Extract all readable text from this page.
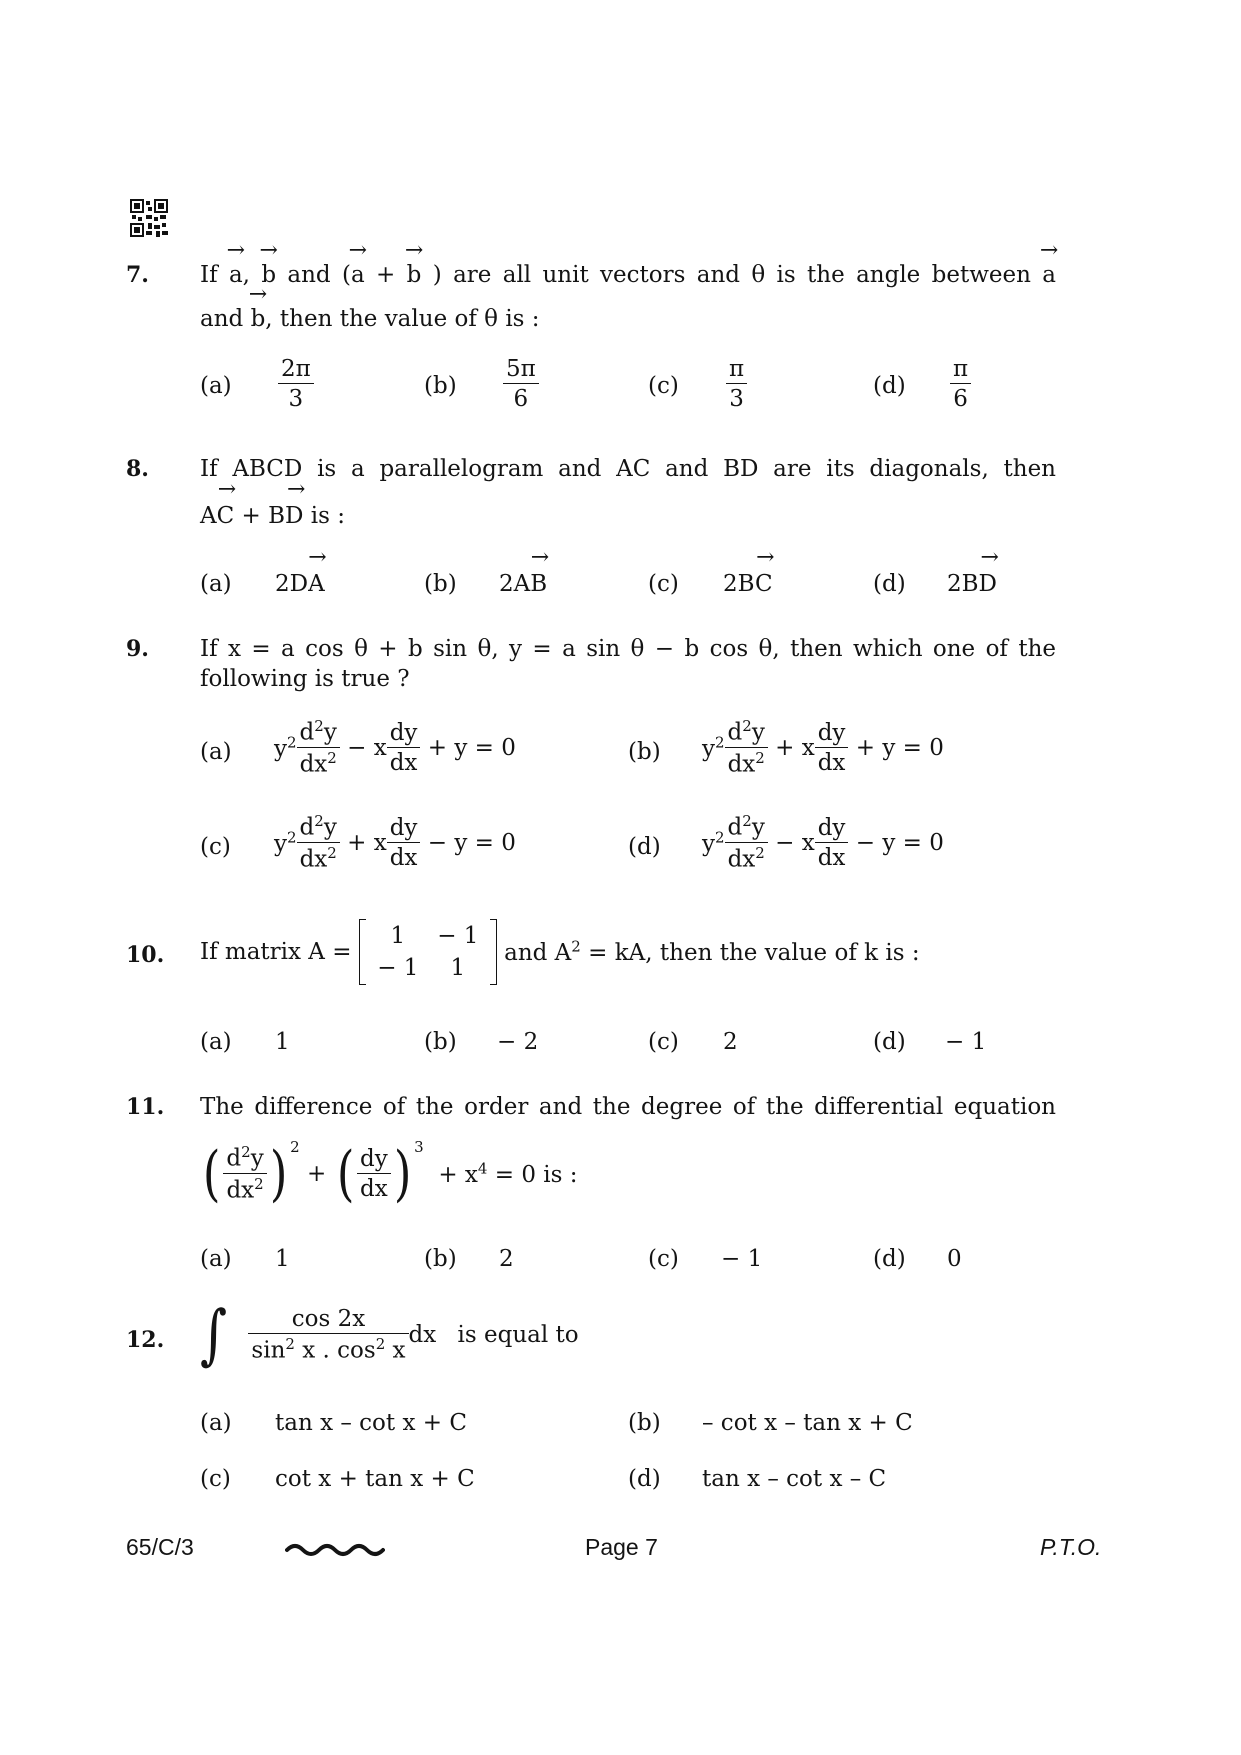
7. If → a, → b and (→ a + → b ) are all unit vectors and θ is the angle between → a
and → b, then the value of θ is :
$(a) \frac{2\pi}{3}$	$(b) \frac{5\pi}{6}$	$(c) \frac{\pi}{3}$	$(d) \frac{\pi}{6}$
8. If ABCD is a parallelogram and AC and BD are its diagonals, then
→ AC + → BD is :
(a) 2→ DA	(b) 2→ AB	(c) 2→ BC	(d) 2→ BD
9. If x = a cos θ + b sin θ, y = a sin θ − b cos θ, then which one of the
following is true ?
(a) $y^2 \frac{d^2y}{dx^2} - x \frac{dy}{dx} + y = 0$	(b) $y^2 \frac{d^2y}{dx^2} + x \frac{dy}{dx} + y = 0$
(c) $y^2 \frac{d^2y}{dx^2} + x \frac{dy}{dx} - y = 0$	(d) $y^2 \frac{d^2y}{dx^2} - x \frac{dy}{dx} - y = 0$
10. If matrix A =
1	− 1
− 1	1
and $A^2$ = kA, then the value of k is :
(a) 1	(b) − 2	(c) 2	(d) − 1
11. The difference of the order and the degree of the differential equation
( $\frac{d^2y}{dx^2}$ ) $^2$ + ( $\frac{dy}{dx}$ ) $^3 + x^4 = 0$ is :
(a) 1	(b) 2	(c) − 1	(d) 0
12. ∫ $\frac{\cos 2x}{\sin^2 x . \cos^2 x}$ dx is equal to
(a) tan x – cot x + C	(b) – cot x – tan x + C
(c) cot x + tan x + C	(d) tan x – cot x – C
65/C/3	Page 7	P.T.O.
